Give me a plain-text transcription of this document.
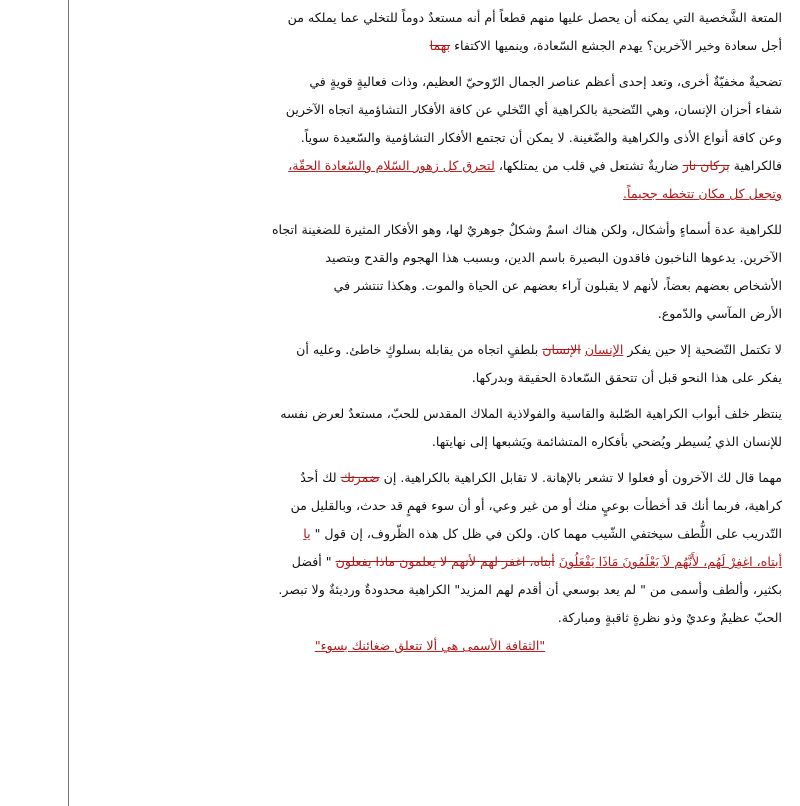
المتعة الشَّخصية التي يمكنه أن يحصل عليها منهم قطعاً أم أنه مستعدٌ دوماً للتخلي عما يملكه من
أجل سعادة وخير الآخرين؟ يهدم الجشع السّعادة، وينميها الاكتفاء بهما
تضحيةٌ مخفيّةٌ أخرى، وتعد إحدى أعظم عناصر الجمال الرّوحيّ العظيم، وذات فعاليةٍ قويةٍ في
شفاء أحزان الإنسان، وهي التّضحية بالكراهية أي التّخلي عن كافة الأفكار التشاؤمية اتجاه الآخرين
وعن كافة أنواع الأذى والكراهية والضّغينة. لا يمكن أن تجتمع الأفكار التشاؤمية والسّعيدة سوياً.
فالكراهية بركان نار ضاريةٌ تشتعل في قلب من يمتلكها، لتحرق كل زهور السّلام والسّعادة الحقّة،
وتجعل كل مكان تتخطه جحيماً.
للكراهية عدة أسماءٍ وأشكال، ولكن هناك اسمٌ وشكلٌ جوهريٌ لها، وهو الأفكار المثيرة للضغينة اتجاه
الآخرين. يدعوها الناخبون فاقدون البصيرة باسم الدين، وبسبب هذا الهجوم والقدح وبتصيد
الأشخاص بعضهم بعضاً، لأنهم لا يقبلون آراء بعضهم عن الحياة والموت. وهكذا تنتشر في
الأرض المآسي والدّموع.
لا تكتمل التّضحية إلا حين يفكر الإنسان الإنسان بلطفٍ اتجاه من يقابله بسلوكٍ خاطئ. وعليه أن
يفكر على هذا النحو قبل أن تتحقق السّعادة الحقيقة وبدركها.
ينتظر خلف أبواب الكراهية الصّلبة والقاسية والفولاذية الملاك المقدس للحبّ، مستعدٌ لعرض نفسه
للإنسان الذي يُسيطر ويُضحي بأفكاره المتشائمة ويَشبعها إلى نهايتها.
مهما قال لك الآخرون أو فعلوا لا تشعر بالإهانة. لا تقابل الكراهية بالكراهية. إن ضمرتك لك أحدٌ
كراهية، فربما أنك قد أخطأت بوعيٍ منك أو من غير وعي، أو أن سوء فهمٍ قد حدث، وبالقليل من
التّدريب على اللُّطف سيختفي الشّيب مهما كان. ولكن في ظل كل هذه الظّروف، إن قول " يا
أبتاه، اغفِرْ لَهُم، لأَنَّهُم لاَ يَعْلَمُونَ مَاذَا يَفْعَلُونَ أبتاه، اغفر لهم لأنهم لا يعلمون ماذا يفعلون " أفضل
بكثير، وألطف وأسمى من " لم يعد بوسعي أن أقدم لهم المزيد" الكراهية محدودةٌ ورديئةٌ ولا تبصر.
الحبّ عظيمٌ وعديٌ وذو نظرةٍ ثاقبةٍ ومباركة.
"الثقافة الأسمى هي ألا تتعلق ضغائنك بسوء"
